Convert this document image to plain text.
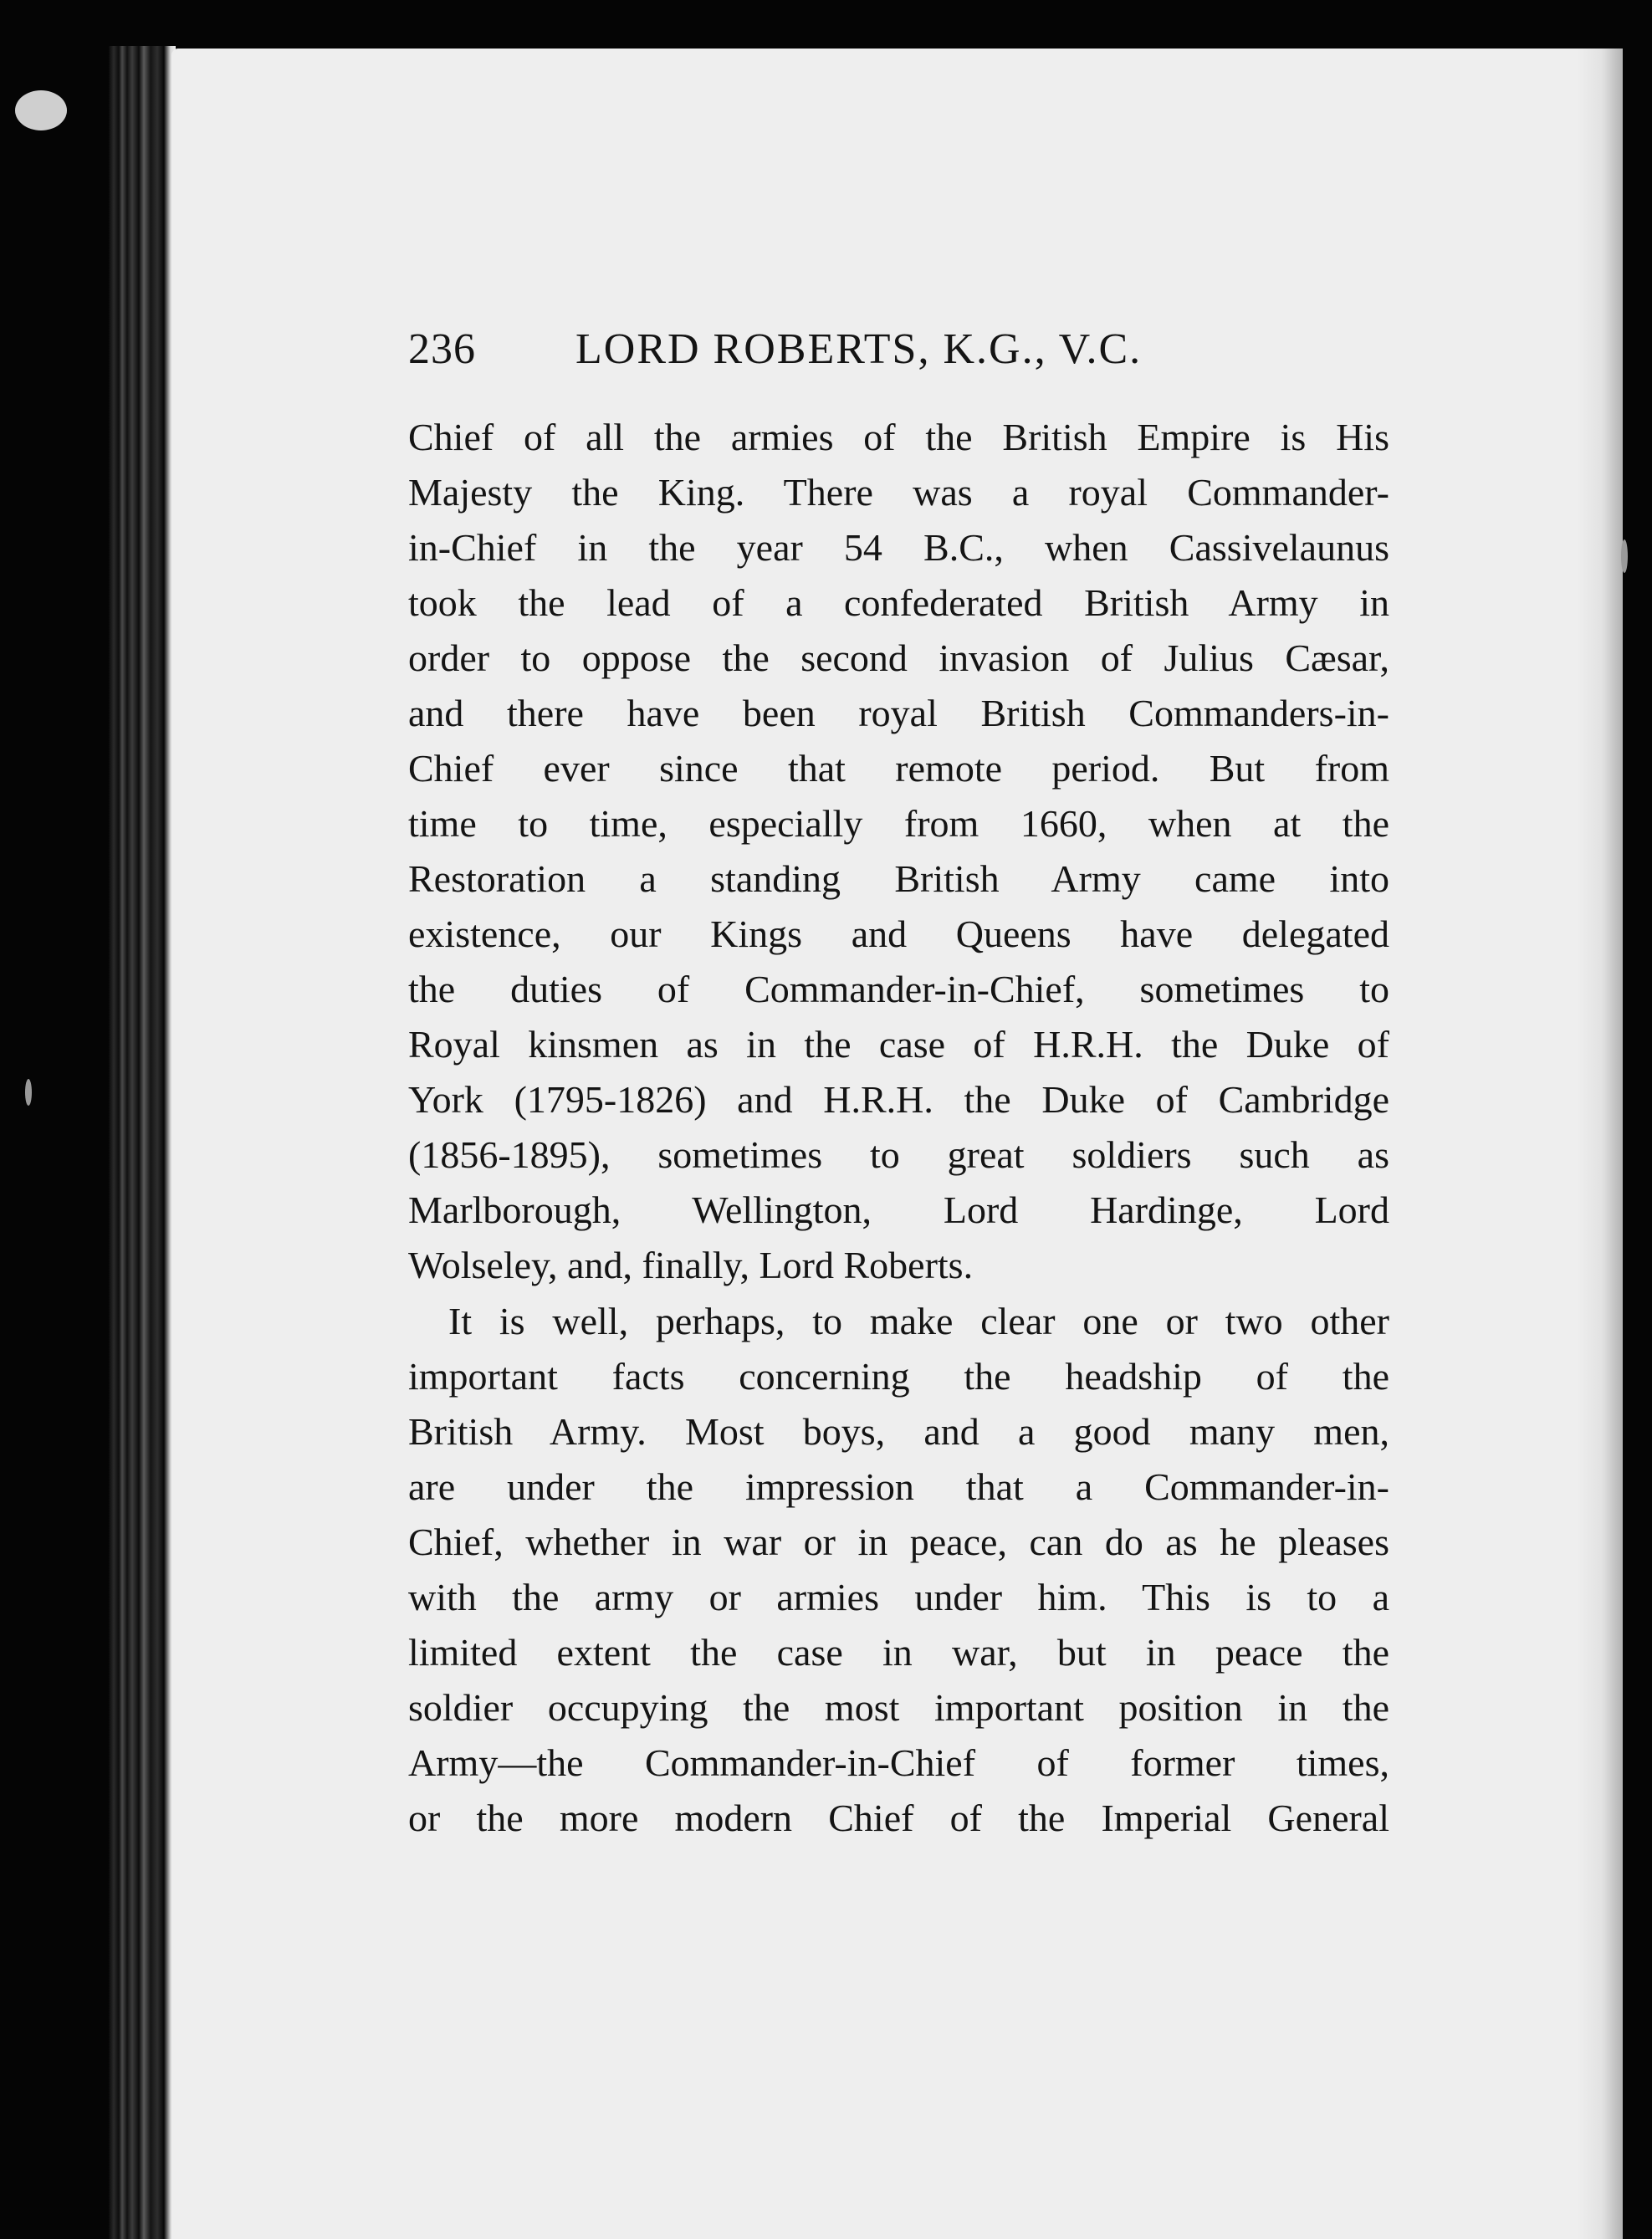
236 LORD ROBERTS, K.G., V.C.

Chief of all the armies of the British Empire is His
Majesty the King. There was a royal Commander-
in-Chief in the year 54 B.C., when Cassivelaunus
took the lead of a confederated British Army in
order to oppose the second invasion of Julius Cæsar,
and there have been royal British Commanders-in-
Chief ever since that remote period. But from
time to time, especially from 1660, when at the
Restoration a standing British Army came into
existence, our Kings and Queens have delegated
the duties of Commander-in-Chief, sometimes to
Royal kinsmen as in the case of H.R.H. the Duke of
York (1795-1826) and H.R.H. the Duke of Cambridge
(1856-1895), sometimes to great soldiers such as
Marlborough, Wellington, Lord Hardinge, Lord
Wolseley, and, finally, Lord Roberts.

It is well, perhaps, to make clear one or two other
important facts concerning the headship of the
British Army. Most boys, and a good many men,
are under the impression that a Commander-in-
Chief, whether in war or in peace, can do as he pleases
with the army or armies under him. This is to a
limited extent the case in war, but in peace the
soldier occupying the most important position in the
Army—the Commander-in-Chief of former times,
or the more modern Chief of the Imperial General
